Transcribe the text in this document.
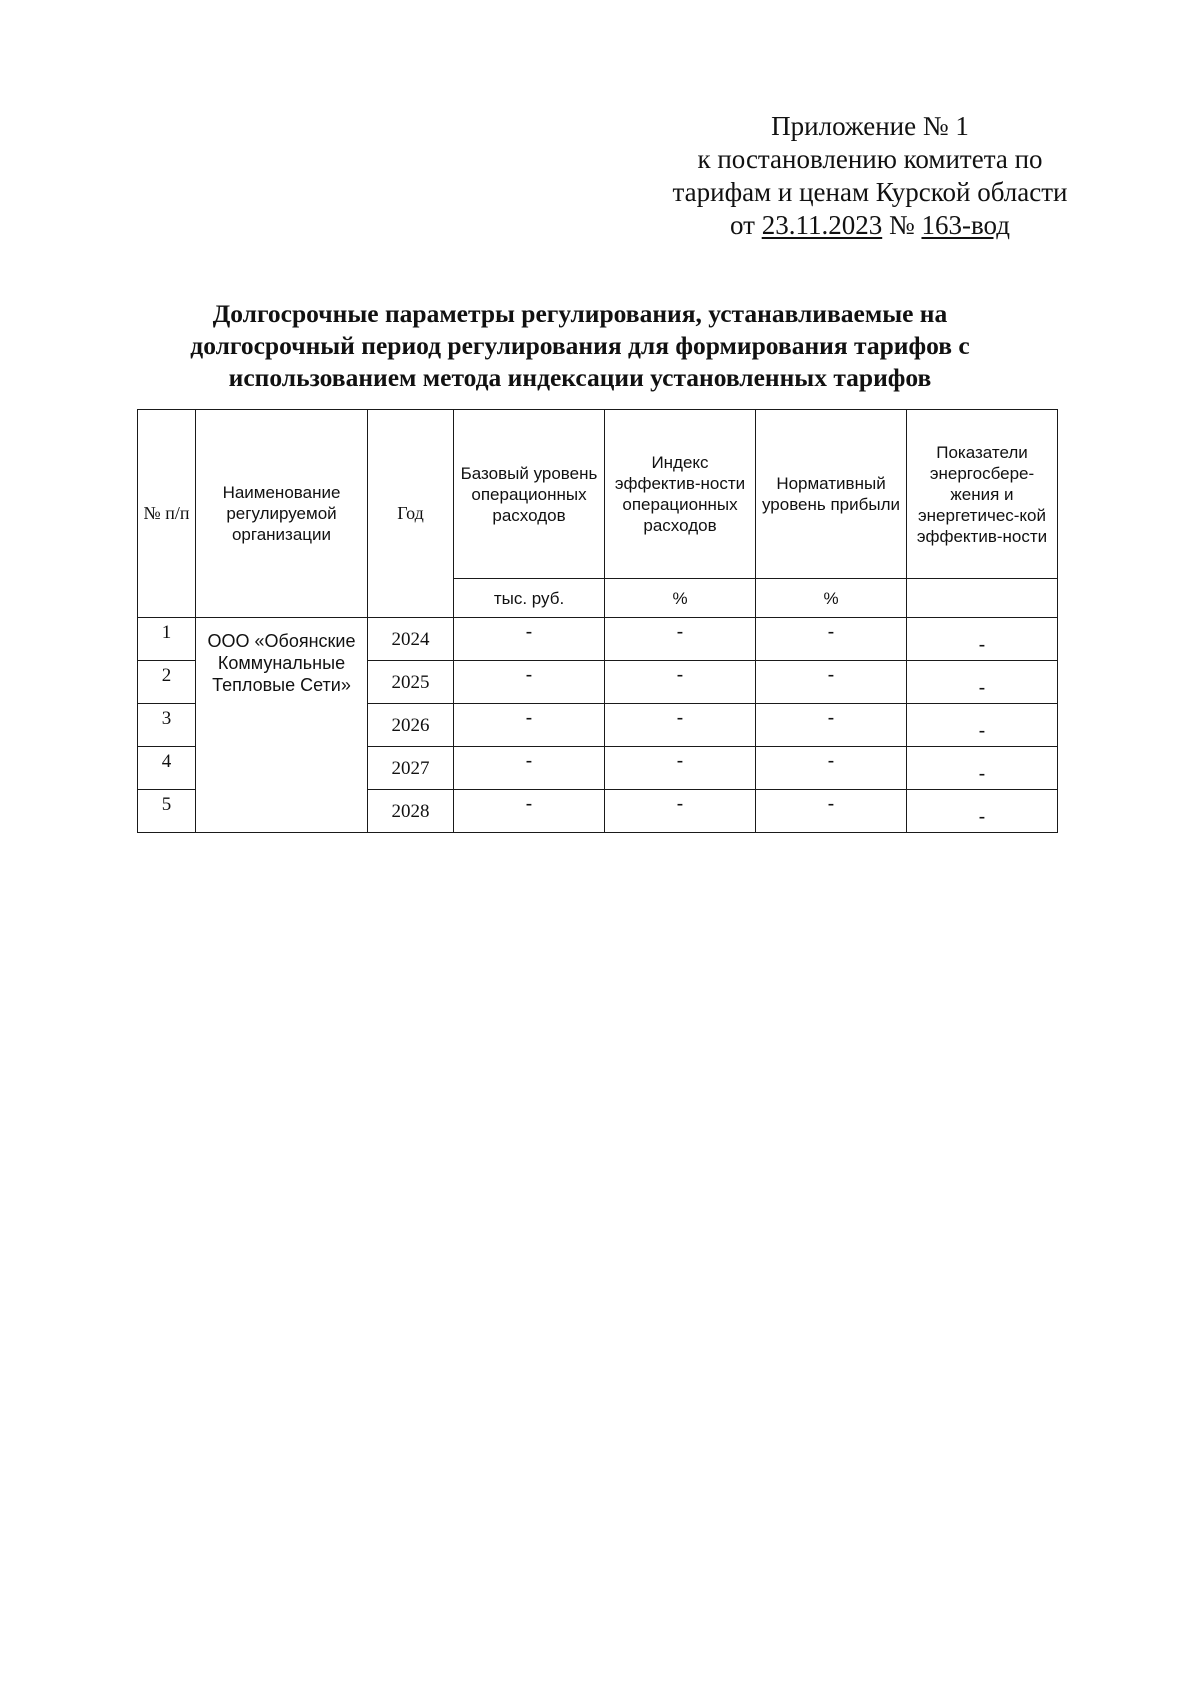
Приложение № 1
к постановлению комитета по
тарифам и ценам Курской области
от 23.11.2023 № 163-вод
Долгосрочные параметры регулирования, устанавливаемые на
долгосрочный период регулирования для формирования тарифов с
использованием метода индексации установленных тарифов
№ п/п	Наименование регулируемой организации	Год	Базовый уровень операционных расходов	Индекс эффектив-ности операционных расходов	Нормативный уровень прибыли	Показатели энергосбере-жения и энергетичес-кой эффектив-ности
			тыс. руб.	%	%	
1	ООО «Обоянские Коммунальные Тепловые Сети»	2024	-	-	-	-
2		2025	-	-	-	-
3		2026	-	-	-	-
4		2027	-	-	-	-
5		2028	-	-	-	-
